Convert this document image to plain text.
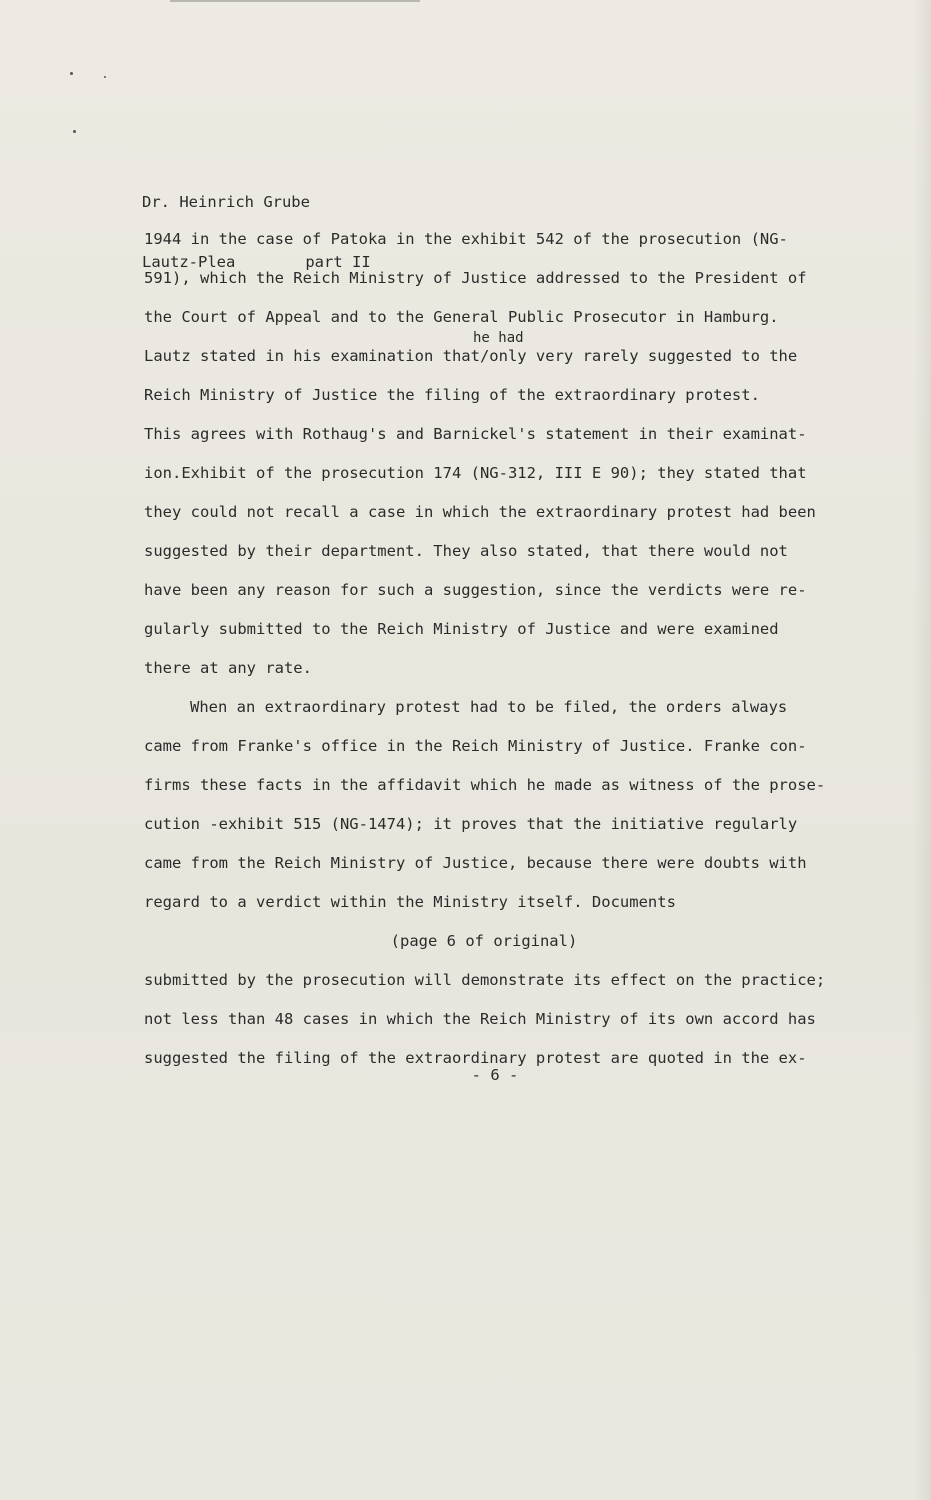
Dr. Heinrich Grube

Lautz-Plea	part II

1944 in the case of Patoka in the exhibit 542 of the prosecution (NG-
591), which the Reich Ministry of Justice addressed to the President of
the Court of Appeal and to the General Public Prosecutor in Hamburg.
he had
Lautz stated in his examination that/only very rarely suggested to the
Reich Ministry of Justice the filing of the extraordinary protest.
This agrees with Rothaug's and Barnickel's statement in their examinat-
ion.Exhibit of the prosecution 174 (NG-312, III E 90); they stated that
they could not recall a case in which the extraordinary protest had been
suggested by their department. They also stated, that there would not
have been any reason for such a suggestion, since the verdicts were re-
gularly submitted to the Reich Ministry of Justice and were examined
there at any rate.
When an extraordinary protest had to be filed, the orders always
came from Franke's office in the Reich Ministry of Justice. Franke con-
firms these facts in the affidavit which he made as witness of the prose-
cution -exhibit 515 (NG-1474); it proves that the initiative regularly
came from the Reich Ministry of Justice, because there were doubts with
regard to a verdict within the Ministry itself. Documents
(page 6 of original)
submitted by the prosecution will demonstrate its effect on the practice;
not less than 48 cases in which the Reich Ministry of its own accord has
suggested the filing of the extraordinary protest are quoted in the ex-
- 6 -
